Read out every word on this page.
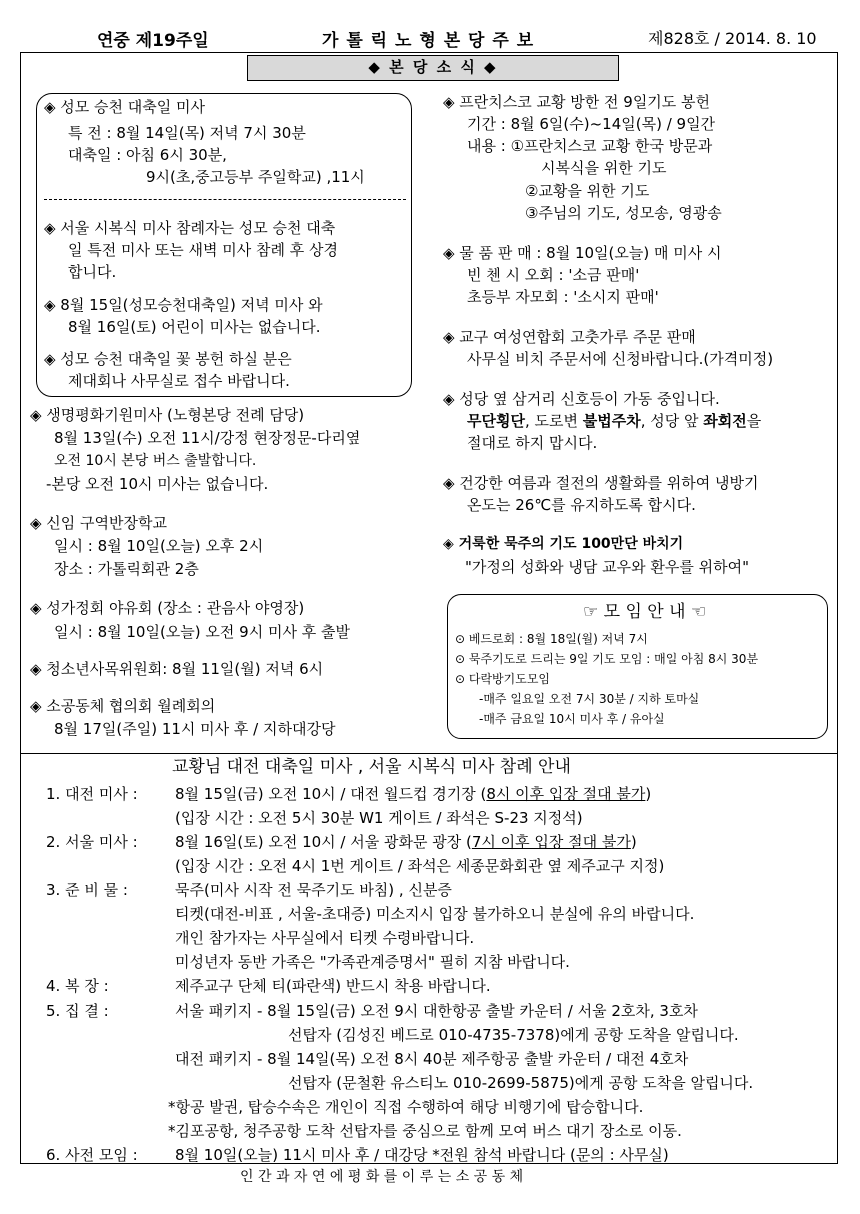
연중 제19주일	가 톨 릭 노 형 본 당 주 보	제828호 / 2014. 8. 10
◆ 본 당 소 식 ◆
◈ 성모 승천 대축일 미사
특 전 : 8월 14일(목) 저녁 7시 30분
대축일 : 아침 6시 30분,
9시(초,중고등부 주일학교) ,11시
◈ 서울 시복식 미사 참례자는 성모 승천 대축
일 특전 미사 또는 새벽 미사 참례 후 상경
합니다.
◈ 8월 15일(성모승천대축일) 저녁 미사 와
8월 16일(토) 어린이 미사는 없습니다.
◈ 성모 승천 대축일 꽃 봉헌 하실 분은
제대회나 사무실로 접수 바랍니다.
◈ 생명평화기원미사 (노형본당 전례 담당)
8월 13일(수) 오전 11시/강정 현장정문-다리옆
오전 10시 본당 버스 출발합니다.
-본당 오전 10시 미사는 없습니다.
◈ 신임 구역반장학교
일시 : 8월 10일(오늘) 오후 2시
장소 : 가톨릭회관 2층
◈ 성가정회 야유회 (장소 : 관음사 야영장)
일시 : 8월 10일(오늘) 오전 9시 미사 후 출발
◈ 청소년사목위원회: 8월 11일(월) 저녁 6시
◈ 소공동체 협의회 월례회의
8월 17일(주일) 11시 미사 후 / 지하대강당
◈ 프란치스코 교황 방한 전 9일기도 봉헌
기간 : 8월 6일(수)~14일(목) / 9일간
내용 : ①프란치스코 교황 한국 방문과
시복식을 위한 기도
②교황을 위한 기도
③주님의 기도, 성모송, 영광송
◈ 물 품 판 매 : 8월 10일(오늘) 매 미사 시
빈 첸 시 오회 : '소금 판매'
초등부 자모회 : '소시지 판매'
◈ 교구 여성연합회 고춧가루 주문 판매
사무실 비치 주문서에 신청바랍니다.(가격미정)
◈ 성당 옆 삼거리 신호등이 가동 중입니다.
무단횡단, 도로변 불법주차, 성당 앞 좌회전을
절대로 하지 맙시다.
◈ 건강한 여름과 절전의 생활화를 위하여 냉방기
온도는 26℃를 유지하도록 합시다.
◈ 거룩한 묵주의 기도 100만단 바치기
"가정의 성화와 냉담 교우와 환우를 위하여"
☞ 모 임 안 내 ☜
⊙ 베드로회 : 8월 18일(월) 저녁 7시
⊙ 묵주기도로 드리는 9일 기도 모임 : 매일 아침 8시 30분
⊙ 다락방기도모임
-매주 일요일 오전 7시 30분 / 지하 토마실
-매주 금요일 10시 미사 후 / 유아실
교황님 대전 대축일 미사 , 서울 시복식 미사 참례 안내
1. 대전 미사 : 8월 15일(금) 오전 10시 / 대전 월드컵 경기장 (8시 이후 입장 절대 불가)
(입장 시간 : 오전 5시 30분 W1 게이트 / 좌석은 S-23 지정석)
2. 서울 미사 : 8월 16일(토) 오전 10시 / 서울 광화문 광장 (7시 이후 입장 절대 불가)
(입장 시간 : 오전 4시 1번 게이트 / 좌석은 세종문화회관 옆 제주교구 지정)
3. 준 비 물 :	묵주(미사 시작 전 묵주기도 바침) , 신분증
티켓(대전-비표 , 서울-초대증) 미소지시 입장 불가하오니 분실에 유의 바랍니다.
개인 참가자는 사무실에서 티켓 수령바랍니다.
미성년자 동반 가족은 "가족관계증명서" 필히 지참 바랍니다.
4. 복 장 :	제주교구 단체 티(파란색) 반드시 착용 바랍니다.
5. 집 결 :	서울 패키지 - 8월 15일(금) 오전 9시 대한항공 출발 카운터 / 서울 2호차, 3호차
선탑자 (김성진 베드로 010-4735-7378)에게 공항 도착을 알립니다.
대전 패키지 - 8월 14일(목) 오전 8시 40분 제주항공 출발 카운터 / 대전 4호차
선탑자 (문철환 유스티노 010-2699-5875)에게 공항 도착을 알립니다.
*항공 발권, 탑승수속은 개인이 직접 수행하여 해당 비행기에 탑승합니다.
*김포공항, 청주공항 도착 선탑자를 중심으로 함께 모여 버스 대기 장소로 이동.
6. 사전 모임 : 8월 10일(오늘) 11시 미사 후 / 대강당 *전원 참석 바랍니다 (문의 : 사무실)
인 간 과 자 연 에 평 화 를 이 루 는 소 공 동 체
